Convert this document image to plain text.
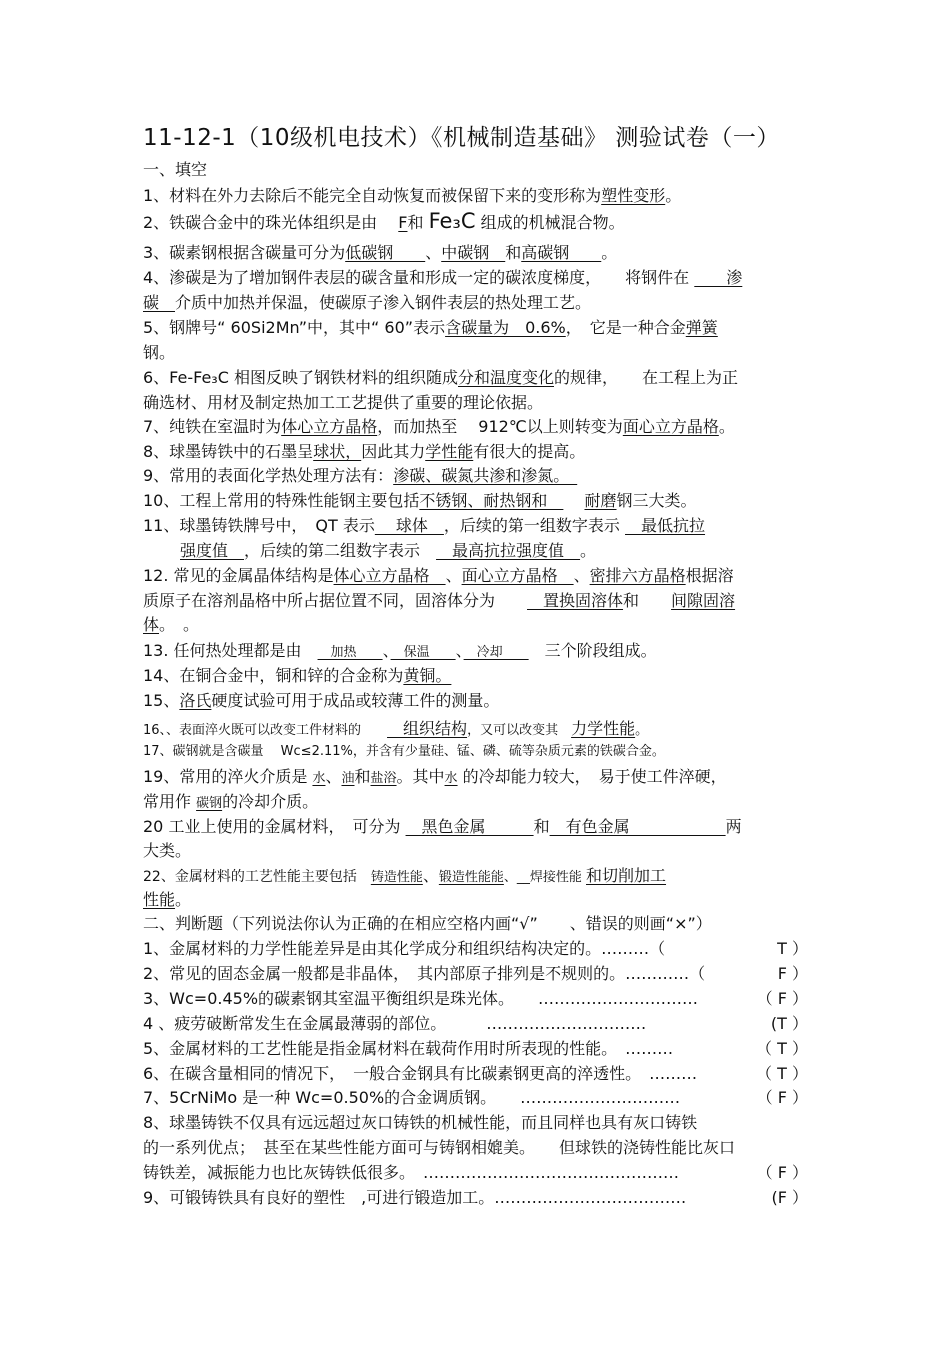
11-12-1（10级机电技术）《机械制造基础》 测验试卷（一）
一、填空
1、材料在外力去除后不能完全自动恢复而被保留下来的变形称为塑性变形。
2、铁碳合金中的珠光体组织是由　 F和 Fe₃C 组成的机械混合物。
3、碳素钢根据含碳量可分为低碳钢　　、中碳钢　和高碳钢　　。
4、渗碳是为了增加钢件表层的碳含量和形成一定的碳浓度梯度，　　将钢件在 　　渗
碳　介质中加热并保温，使碳原子渗入钢件表层的热处理工艺。
5、钢牌号“ 60Si2Mn”中，其中“ 60”表示含碳量为　0.6%，　它是一种合金弹簧
钢。
6、Fe-Fe₃C 相图反映了钢铁材料的组织随成分和温度变化的规律，　　在工程上为正
确选材、用材及制定热加工工艺提供了重要的理论依据。
7、纯铁在室温时为体心立方晶格，而加热至　 912℃以上则转变为面心立方晶格。
8、球墨铸铁中的石墨呈球状，因此其力学性能有很大的提高。
9、常用的表面化学热处理方法有：渗碳、碳氮共渗和渗氮。　
10、工程上常用的特殊性能钢主要包括不锈钢、耐热钢和　　 耐磨钢三大类。
11、球墨铸铁牌号中，　QT 表示　 球体　，后续的第一组数字表示 　最低抗拉
强度值　，后续的第二组数字表示　　最高抗拉强度值　。
12. 常见的金属晶体结构是体心立方晶格　、面心立方晶格　、密排六方晶格根据溶
质原子在溶剂晶格中所占据位置不同，固溶体分为　　　置换固溶体和　　间隙固溶
体。　。
13. 任何热处理都是由　　加热　　、　保温　　、　冷却　　　三个阶段组成。
14、在铜合金中，铜和锌的合金称为黄铜。
15、洛氏硬度试验可用于成品或较薄工件的测量。
16、、表面淬火既可以改变工件材料的　　　组织结构，又可以改变其　力学性能。
17、碳钢就是含碳量　 Wc≤2.11%，并含有少量硅、锰、磷、硫等杂质元素的铁碳合金。
19、常用的淬火介质是 水、油和盐浴。其中水 的冷却能力较大，　易于使工件淬硬，
常用作 碳钢的冷却介质。
20 工业上使用的金属材料，　可分为 　黑色金属　　　和　有色金属　　　　　　两
大类。
22、金属材料的工艺性能主要包括　铸造性能、锻造性能能、__焊接性能 和切削加工
性能。
二、判断题（下列说法你认为正确的在相应空格内画“√”　　、错误的则画“×”）
1、金属材料的力学性能差异是由其化学成分和组织结构决定的。………（	T ）
2、常见的固态金属一般都是非晶体，　其内部原子排列是不规则的。…………（	F ）
3、Wc=0.45%的碳素钢其室温平衡组织是珠光体。　　…………………………	（ F ）
4 、疲劳破断常发生在金属最薄弱的部位。　　　…………………………　　	(T ）
5、金属材料的工艺性能是指金属材料在载荷作用时所表现的性能。　………	（ T ）
6、在碳含量相同的情况下，　一般合金钢具有比碳素钢更高的淬透性。　………	（ T ）
7、5CrNiMo 是一种 Wc=0.50%的合金调质钢。　　…………………………	（ F ）
8、球墨铸铁不仅具有远远超过灰口铸铁的机械性能，而且同样也具有灰口铸铁
的一系列优点；　甚至在某些性能方面可与铸钢相媲美。　　但球铁的浇铸性能比灰口
铸铁差，减振能力也比灰铸铁低很多。　…………………………………………	（ F ）
9、可锻铸铁具有良好的塑性　,可进行锻造加工。………………………………	(F ）
